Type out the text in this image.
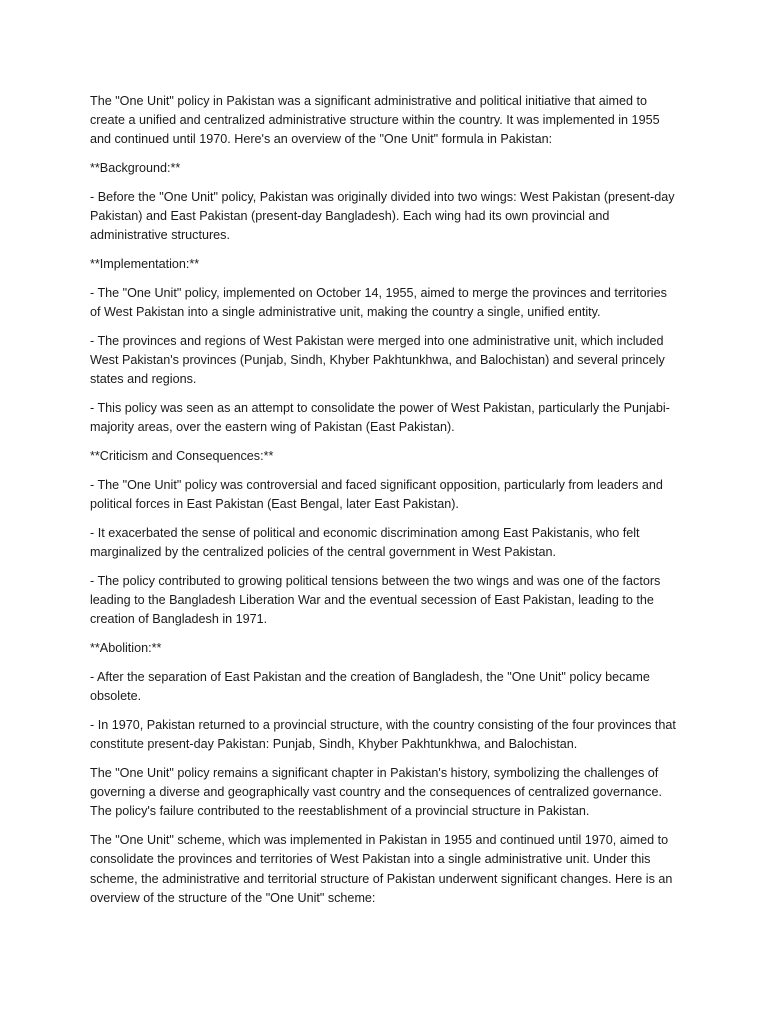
The "One Unit" policy in Pakistan was a significant administrative and political initiative that aimed to create a unified and centralized administrative structure within the country. It was implemented in 1955 and continued until 1970. Here's an overview of the "One Unit" formula in Pakistan:

**Background:**

- Before the "One Unit" policy, Pakistan was originally divided into two wings: West Pakistan (present-day Pakistan) and East Pakistan (present-day Bangladesh). Each wing had its own provincial and administrative structures.

**Implementation:**

- The "One Unit" policy, implemented on October 14, 1955, aimed to merge the provinces and territories of West Pakistan into a single administrative unit, making the country a single, unified entity.

- The provinces and regions of West Pakistan were merged into one administrative unit, which included West Pakistan's provinces (Punjab, Sindh, Khyber Pakhtunkhwa, and Balochistan) and several princely states and regions.

- This policy was seen as an attempt to consolidate the power of West Pakistan, particularly the Punjabi-majority areas, over the eastern wing of Pakistan (East Pakistan).

**Criticism and Consequences:**

- The "One Unit" policy was controversial and faced significant opposition, particularly from leaders and political forces in East Pakistan (East Bengal, later East Pakistan).

- It exacerbated the sense of political and economic discrimination among East Pakistanis, who felt marginalized by the centralized policies of the central government in West Pakistan.

- The policy contributed to growing political tensions between the two wings and was one of the factors leading to the Bangladesh Liberation War and the eventual secession of East Pakistan, leading to the creation of Bangladesh in 1971.

**Abolition:**

- After the separation of East Pakistan and the creation of Bangladesh, the "One Unit" policy became obsolete.

- In 1970, Pakistan returned to a provincial structure, with the country consisting of the four provinces that constitute present-day Pakistan: Punjab, Sindh, Khyber Pakhtunkhwa, and Balochistan.

The "One Unit" policy remains a significant chapter in Pakistan's history, symbolizing the challenges of governing a diverse and geographically vast country and the consequences of centralized governance. The policy's failure contributed to the reestablishment of a provincial structure in Pakistan.

The "One Unit" scheme, which was implemented in Pakistan in 1955 and continued until 1970, aimed to consolidate the provinces and territories of West Pakistan into a single administrative unit. Under this scheme, the administrative and territorial structure of Pakistan underwent significant changes. Here is an overview of the structure of the "One Unit" scheme:
